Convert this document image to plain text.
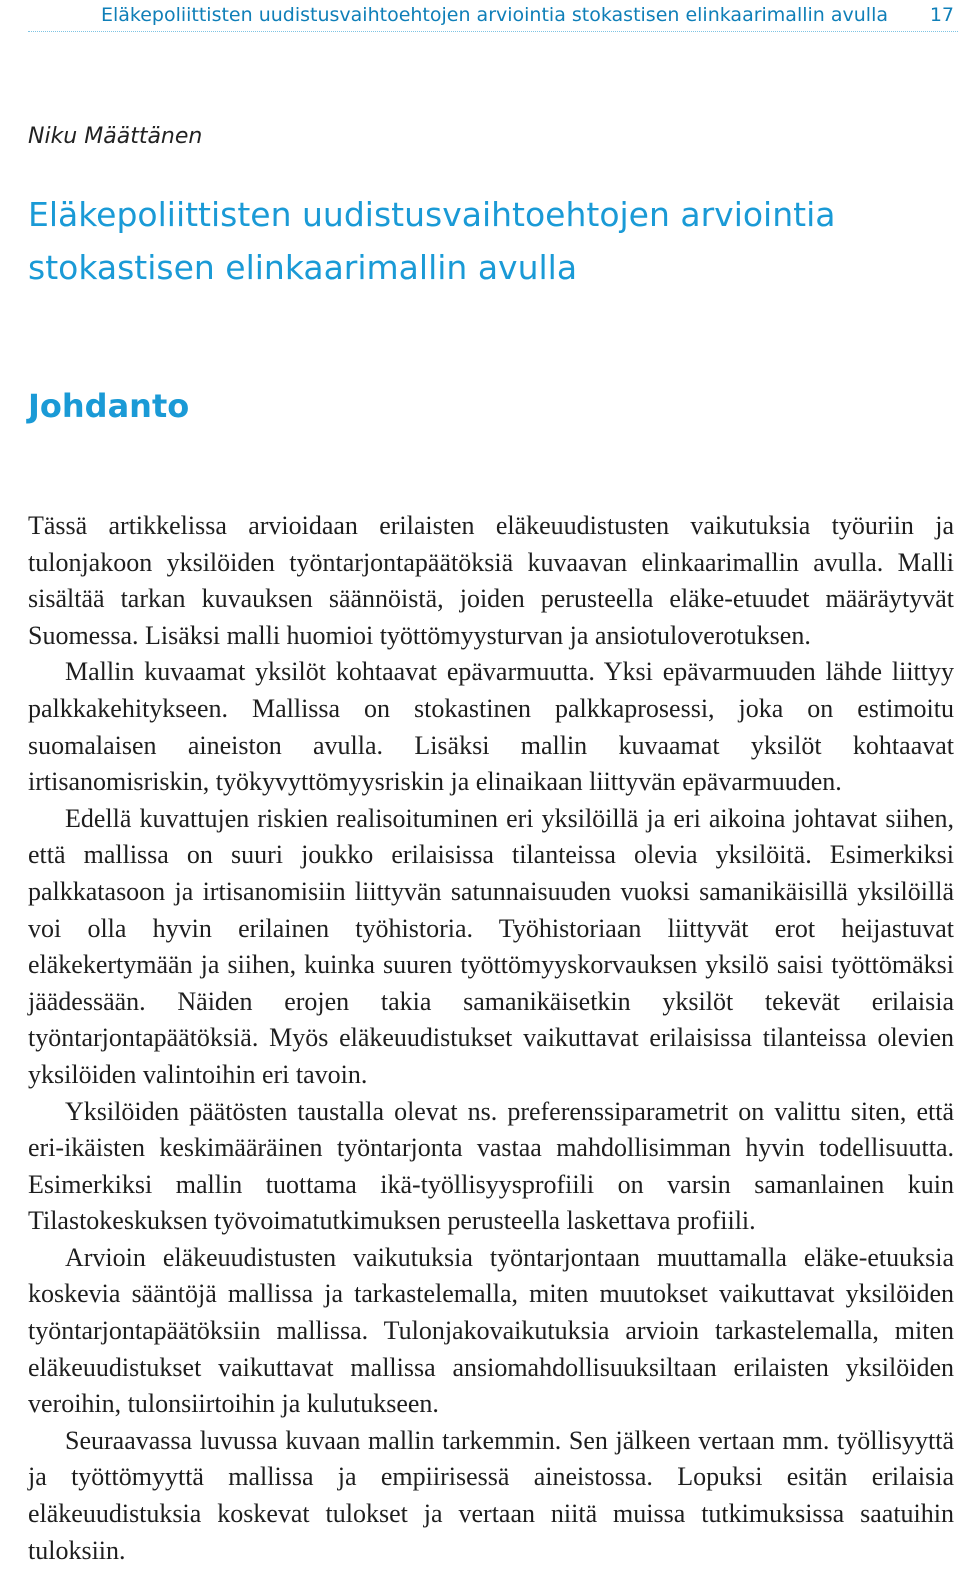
Eläkepoliittisten uudistusvaihtoehtojen arviointia stokastisen elinkaarimallin avulla 17
Niku Määttänen
Eläkepoliittisten uudistusvaihtoehtojen arviointia
stokastisen elinkaarimallin avulla
Johdanto

Tässä artikkelissa arvioidaan erilaisten eläkeuudistusten vaikutuksia työuriin ja tulonjakoon yksilöiden työntarjontapäätöksiä kuvaavan elinkaarimallin avulla. Malli sisältää tarkan kuvauksen säännöistä, joiden perusteella eläke-etuudet määräytyvät Suomessa. Lisäksi malli huomioi työttömyysturvan ja ansiotuloverotuksen.

Mallin kuvaamat yksilöt kohtaavat epävarmuutta. Yksi epävarmuuden lähde liittyy palkkakehitykseen. Mallissa on stokastinen palkkaprosessi, joka on estimoitu suomalaisen aineiston avulla. Lisäksi mallin kuvaamat yksilöt kohtaavat irtisanomisriskin, työkyvyttömyysriskin ja elinaikaan liittyvän epävarmuuden.

Edellä kuvattujen riskien realisoituminen eri yksilöillä ja eri aikoina johtavat siihen, että mallissa on suuri joukko erilaisissa tilanteissa olevia yksilöitä. Esimerkiksi palkkatasoon ja irtisanomisiin liittyvän satunnaisuuden vuoksi samanikäisillä yksilöillä voi olla hyvin erilainen työhistoria. Työhistoriaan liittyvät erot heijastuvat eläkekertymään ja siihen, kuinka suuren työttömyyskorvauksen yksilö saisi työttömäksi jäädessään. Näiden erojen takia samanikäisetkin yksilöt tekevät erilaisia työntarjontapäätöksiä. Myös eläkeuudistukset vaikuttavat erilaisissa tilanteissa olevien yksilöiden valintoihin eri tavoin.

Yksilöiden päätösten taustalla olevat ns. preferenssiparametrit on valittu siten, että eri-ikäisten keskimääräinen työntarjonta vastaa mahdollisimman hyvin todellisuutta. Esimerkiksi mallin tuottama ikä-työllisyysprofiili on varsin samanlainen kuin Tilastokeskuksen työvoimatutkimuksen perusteella laskettava profiili.

Arvioin eläkeuudistusten vaikutuksia työntarjontaan muuttamalla eläke-etuuksia koskevia sääntöjä mallissa ja tarkastelemalla, miten muutokset vaikuttavat yksilöiden työntarjontapäätöksiin mallissa. Tulonjakovaikutuksia arvioin tarkastelemalla, miten eläkeuudistukset vaikuttavat mallissa ansiomahdollisuuksiltaan erilaisten yksilöiden veroihin, tulonsiirtoihin ja kulutukseen.

Seuraavassa luvussa kuvaan mallin tarkemmin. Sen jälkeen vertaan mm. työllisyyttä ja työttömyyttä mallissa ja empiirisessä aineistossa. Lopuksi esitän erilaisia eläkeuudistuksia koskevat tulokset ja vertaan niitä muissa tutkimuksissa saatuihin tuloksiin.
